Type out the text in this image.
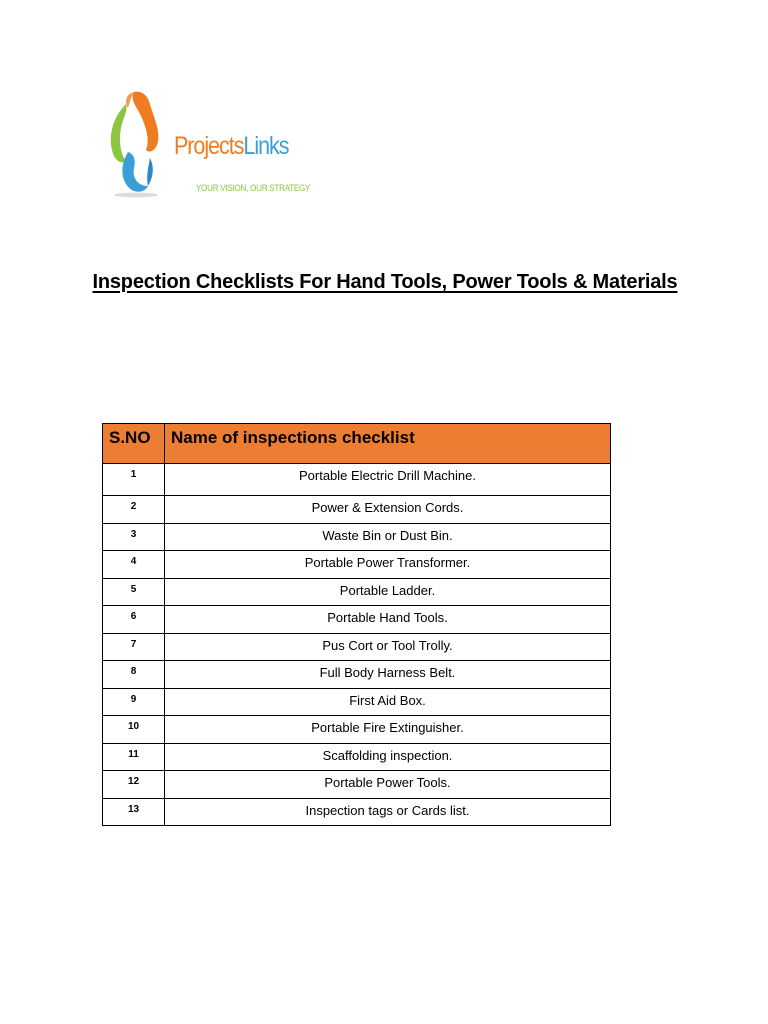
ProjectsLinks
YOUR VISION, OUR STRATEGY
Inspection Checklists For Hand Tools, Power Tools & Materials
S.NO	Name of inspections checklist
1	Portable Electric Drill Machine.
2	Power & Extension Cords.
3	Waste Bin or Dust Bin.
4	Portable Power Transformer.
5	Portable Ladder.
6	Portable Hand Tools.
7	Pus Cort or Tool Trolly.
8	Full Body Harness Belt.
9	First Aid Box.
10	Portable Fire Extinguisher.
11	Scaffolding inspection.
12	Portable Power Tools.
13	Inspection tags or Cards list.
